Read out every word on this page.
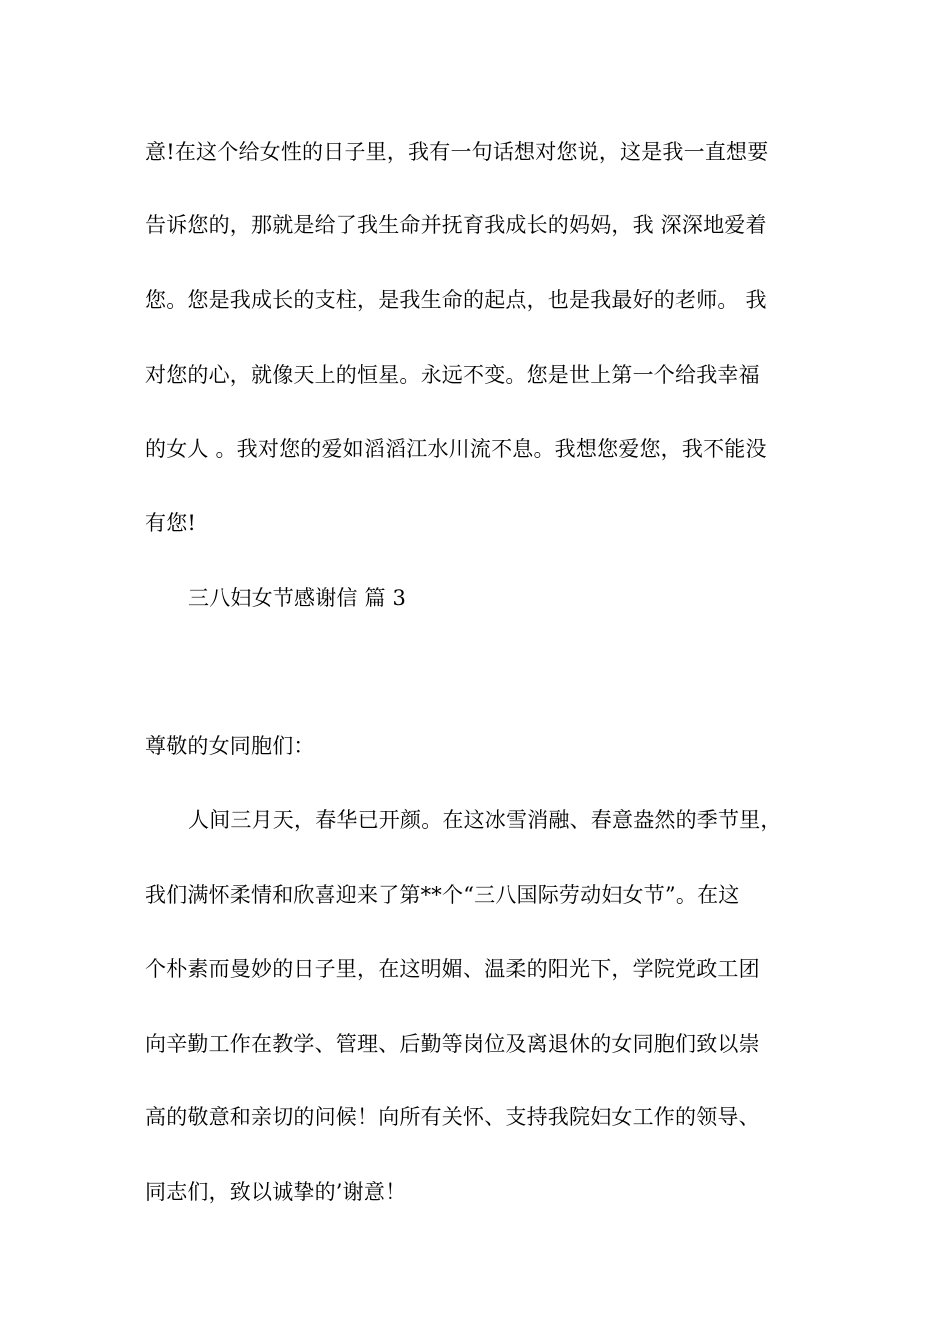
意!在这个给女性的日子里，我有一句话想对您说，这是我一直想要
告诉您的，那就是给了我生命并抚育我成长的妈妈，我 深深地爱着
您。您是我成长的支柱，是我生命的起点，也是我最好的老师。 我
对您的心，就像天上的恒星。永远不变。您是世上第一个给我幸福
的女人 。我对您的爱如滔滔江水川流不息。我想您爱您，我不能没
有您!
三八妇女节感谢信 篇 3
尊敬的女同胞们：
人间三月天，春华已开颜。在这冰雪消融、春意盎然的季节里，
我们满怀柔情和欣喜迎来了第**个“三八国际劳动妇女节”。在这
个朴素而曼妙的日子里，在这明媚、温柔的阳光下，学院党政工团
向辛勤工作在教学、管理、后勤等岗位及离退休的女同胞们致以崇
高的敬意和亲切的问候！向所有关怀、支持我院妇女工作的领导、
同志们，致以诚挚的’谢意！
